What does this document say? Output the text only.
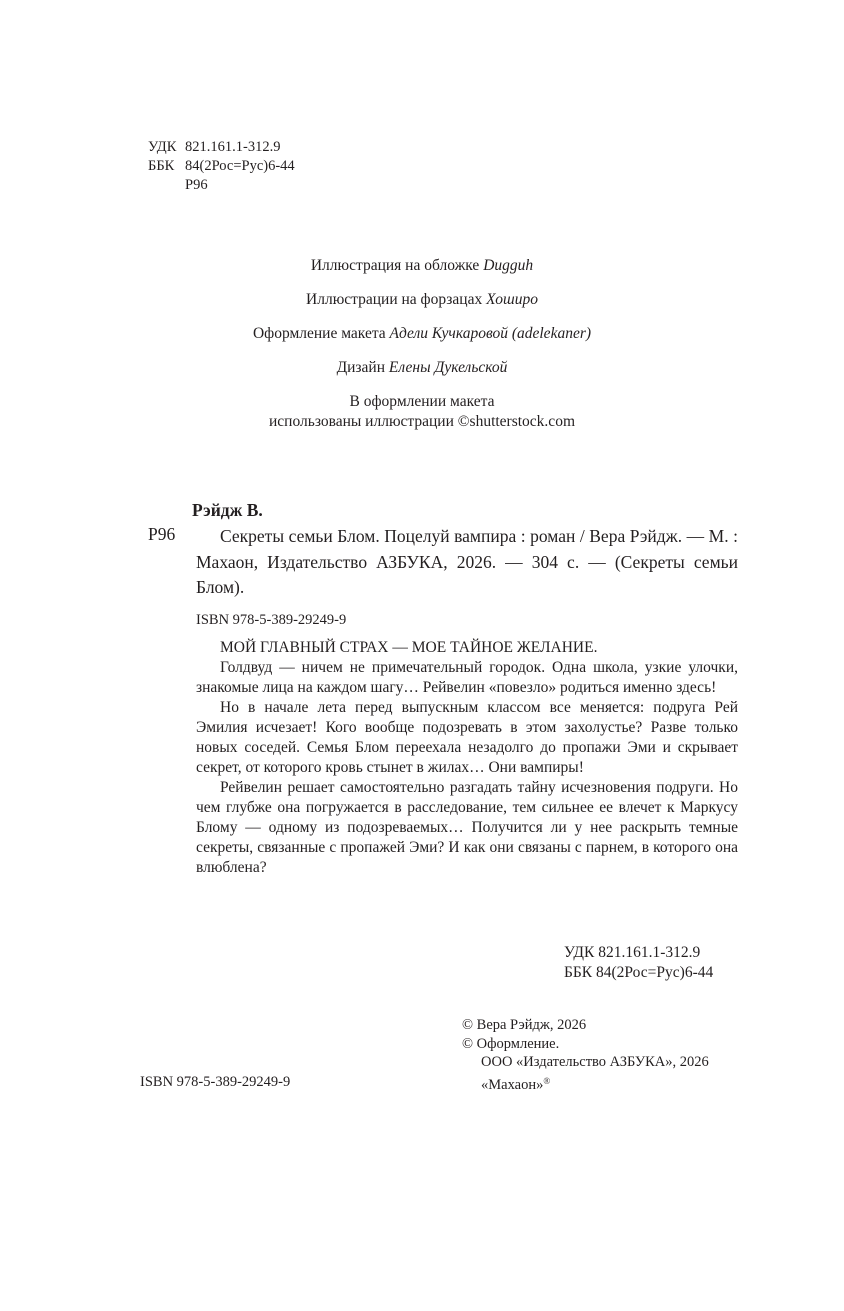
УДК 821.161.1-312.9
ББК 84(2Рос=Рус)6-44
Р96
Иллюстрация на обложке Dugguh
Иллюстрации на форзацах Хоширо
Оформление макета Адели Кучкаровой (adelekaner)
Дизайн Елены Дукельской
В оформлении макета
использованы иллюстрации ©shutterstock.com
Рэйдж В.
Р96	Секреты семьи Блом. Поцелуй вампира : роман / Вера Рэйдж. — М. : Махаон, Издательство АЗБУКА, 2026. — 304 с. — (Секреты семьи Блом).
ISBN 978-5-389-29249-9

МОЙ ГЛАВНЫЙ СТРАХ — МОЕ ТАЙНОЕ ЖЕЛАНИЕ.

Голдвуд — ничем не примечательный городок. Одна школа, узкие улочки, знакомые лица на каждом шагу… Рейвелин «повезло» родиться именно здесь!

Но в начале лета перед выпускным классом все меняется: подруга Рей Эмилия исчезает! Кого вообще подозревать в этом захолустье? Разве только новых соседей. Семья Блом переехала незадолго до пропажи Эми и скрывает секрет, от которого кровь стынет в жилах… Они вампиры!

Рейвелин решает самостоятельно разгадать тайну исчезновения подруги. Но чем глубже она погружается в расследование, тем сильнее ее влечет к Маркусу Блому — одному из подозреваемых… Получится ли у нее раскрыть темные секреты, связанные с пропажей Эми? И как они связаны с парнем, в которого она влюблена?

УДК 821.161.1-312.9
ББК 84(2Рос=Рус)6-44
© Вера Рэйдж, 2026
© Оформление.
ООО «Издательство АЗБУКА», 2026
«Махаон»®
ISBN 978-5-389-29249-9
